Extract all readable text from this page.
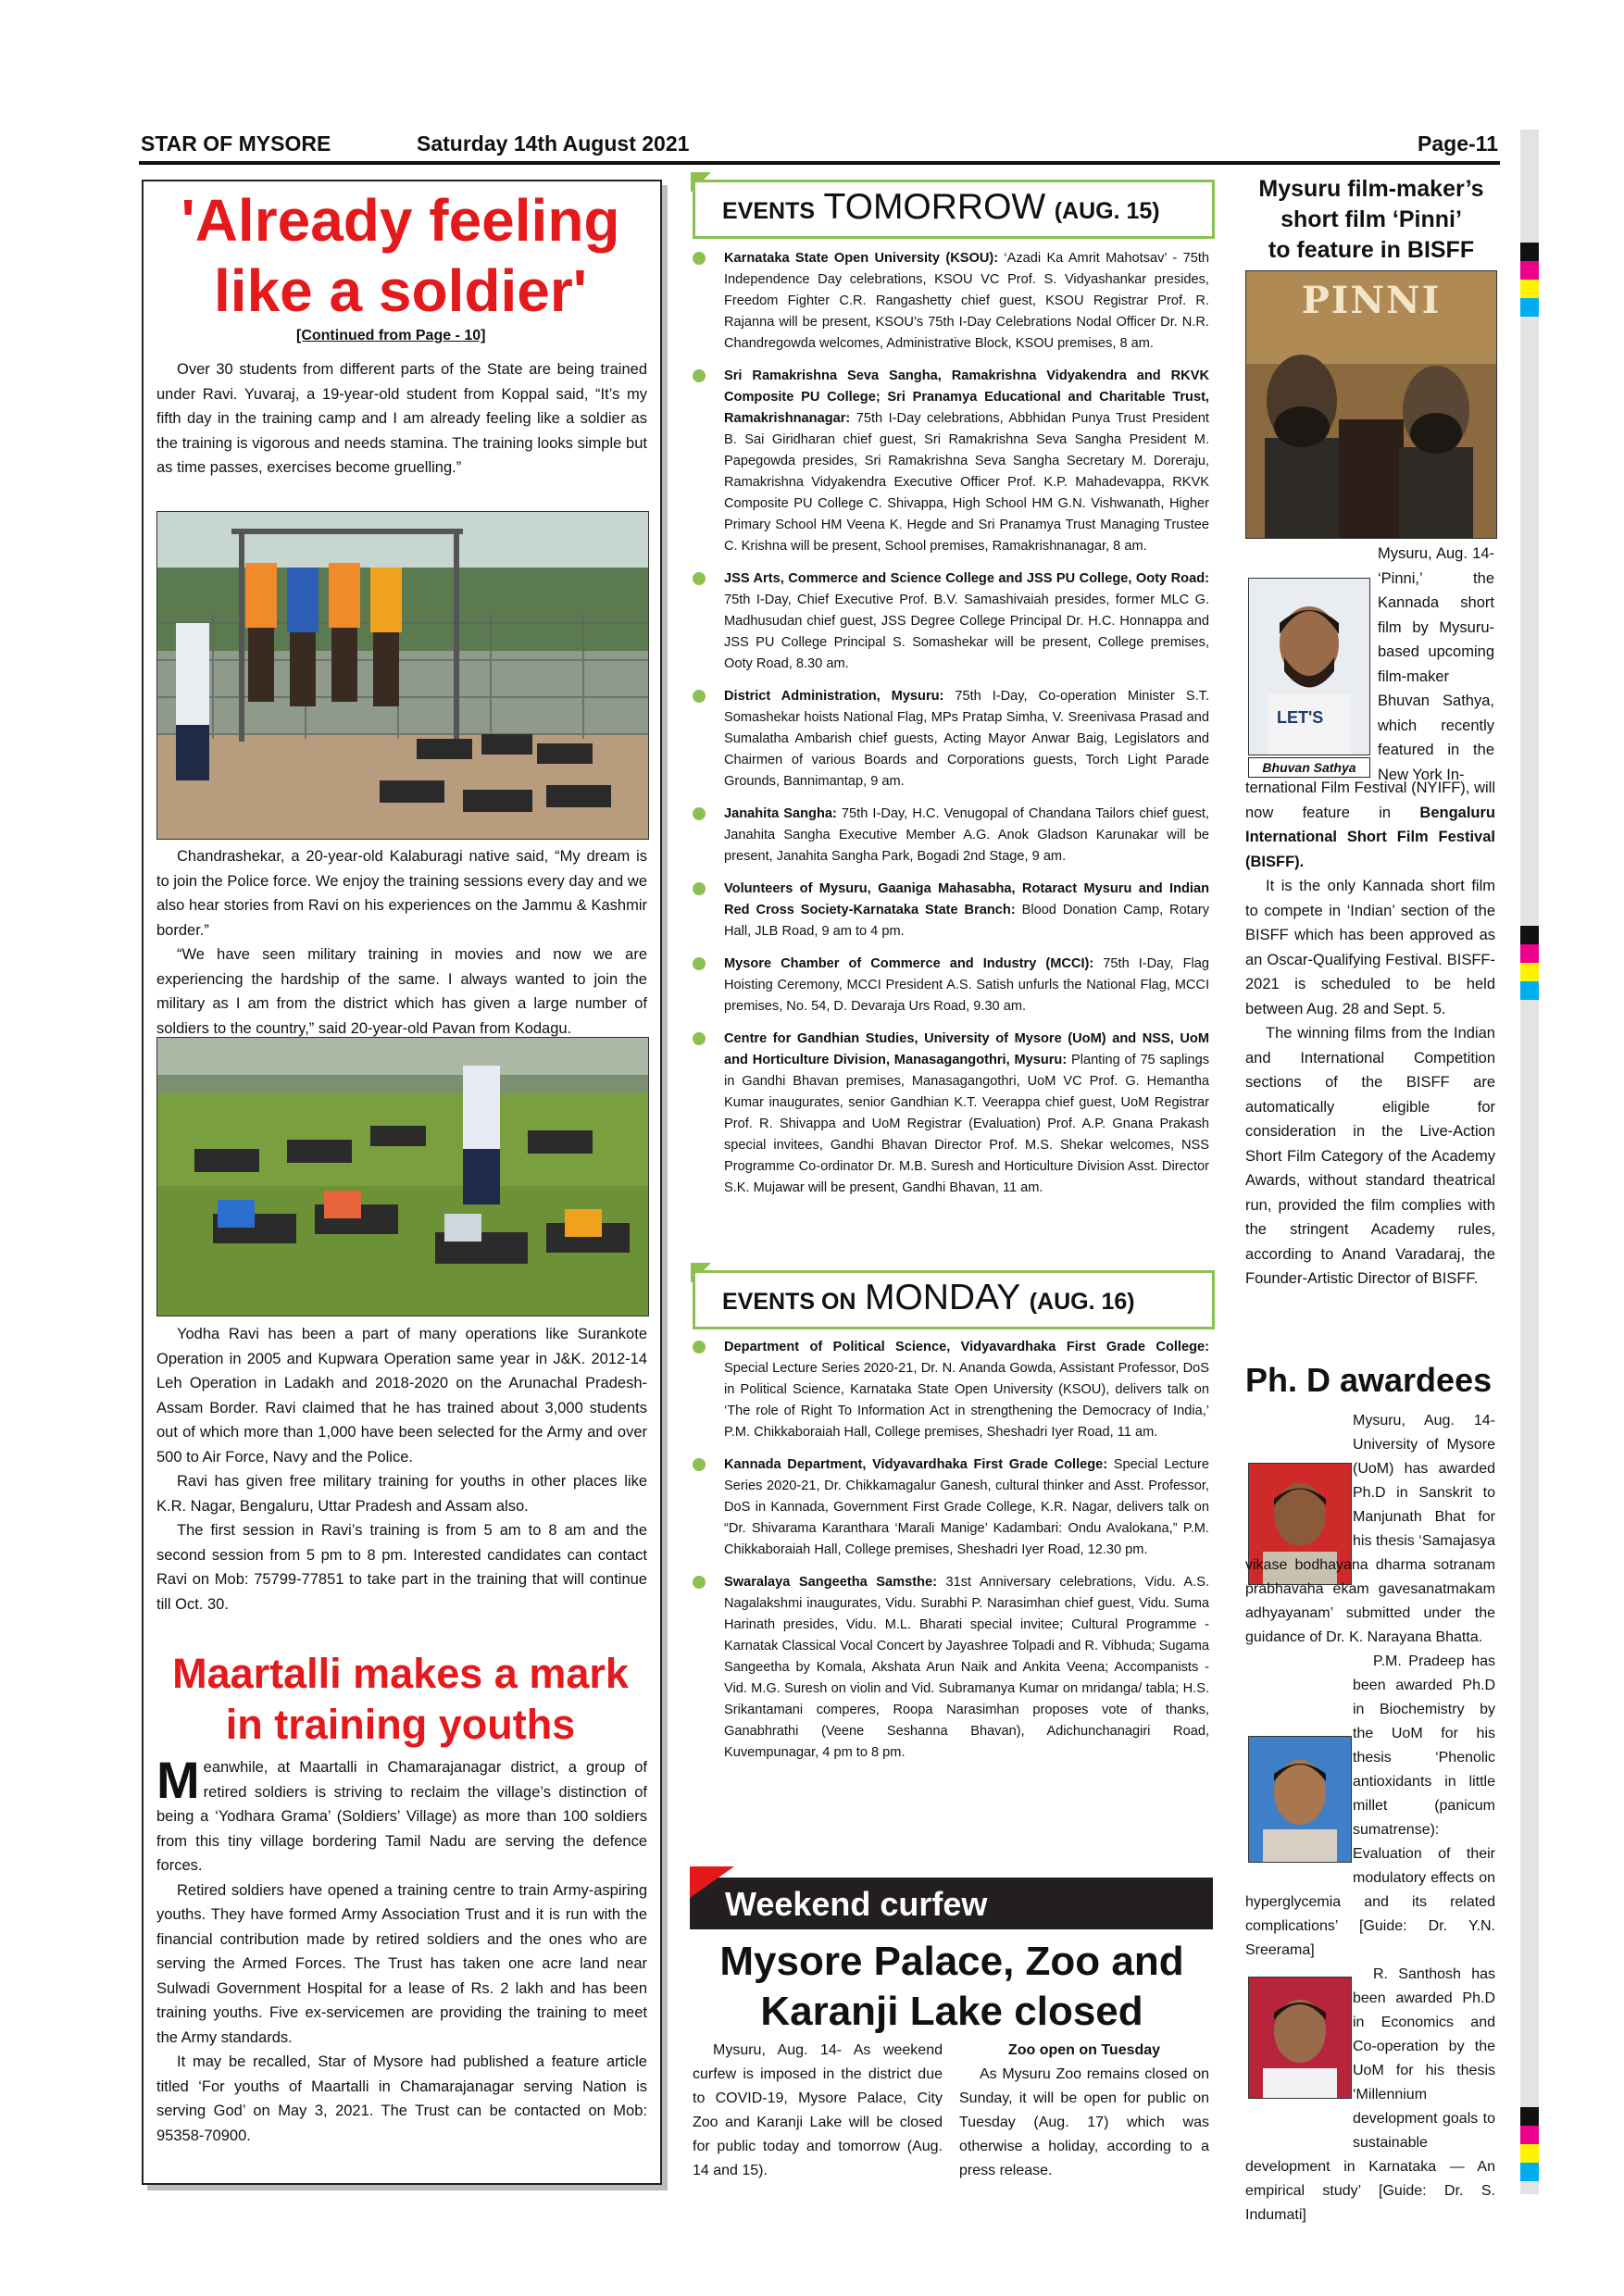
STAR OF MYSORE	Saturday 14th August 2021	Page-11
'Already feeling
like a soldier'
[Continued from Page - 10]

Over 30 students from different parts of the State are being trained under Ravi. Yuvaraj, a 19-year-old student from Koppal said, “It’s my fifth day in the training camp and I am already feeling like a soldier as the training is vigorous and needs stamina. The training looks simple but as time passes, exercises become gruelling.”

Chandrashekar, a 20-year-old Kalaburagi native said, “My dream is to join the Police force. We enjoy the training sessions every day and we also hear stories from Ravi on his experiences on the Jammu & Kashmir border.”

“We have seen military training in movies and now we are experiencing the hardship of the same. I always wanted to join the military as I am from the district which has given a large number of soldiers to the country,” said 20-year-old Pavan from Kodagu.

Yodha Ravi has been a part of many operations like Surankote Operation in 2005 and Kupwara Operation same year in J&K. 2012-14 Leh Operation in Ladakh and 2018-2020 on the Arunachal Pradesh-Assam Border. Ravi claimed that he has trained about 3,000 students out of which more than 1,000 have been selected for the Army and over 500 to Air Force, Navy and the Police.

Ravi has given free military training for youths in other places like K.R. Nagar, Bengaluru, Uttar Pradesh and Assam also.

The first session in Ravi’s training is from 5 am to 8 am and the second session from 5 pm to 8 pm. Interested candidates can contact Ravi on Mob: 75799-77851 to take part in the training that will continue till Oct. 30.

Maartalli makes a mark
in training youths

Meanwhile, at Maartalli in Chamarajanagar district, a group of retired soldiers is striving to reclaim the village’s distinction of being a ‘Yodhara Grama’ (Soldiers’ Village) as more than 100 soldiers from this tiny village bordering Tamil Nadu are serving the defence forces.

Retired soldiers have opened a training centre to train Army-aspiring youths. They have formed Army Association Trust and it is run with the financial contribution made by retired soldiers and the ones who are serving the Armed Forces. The Trust has taken one acre land near Sulwadi Government Hospital for a lease of Rs. 2 lakh and has been training youths. Five ex-servicemen are providing the training to meet the Army standards.

It may be recalled, Star of Mysore had published a feature article titled ‘For youths of Maartalli in Chamarajanagar serving Nation is serving God’ on May 3, 2021. The Trust can be contacted on Mob: 95358-70900.

EVENTS TOMORROW (AUG. 15)
Karnataka State Open University (KSOU): ‘Azadi Ka Amrit Mahotsav’ - 75th Independence Day celebrations, KSOU VC Prof. S. Vidyashankar presides, Freedom Fighter C.R. Rangashetty chief guest, KSOU Registrar Prof. R. Rajanna will be present, KSOU’s 75th I-Day Celebrations Nodal Officer Dr. N.R. Chandregowda welcomes, Administrative Block, KSOU premises, 8 am.
Sri Ramakrishna Seva Sangha, Ramakrishna Vidyakendra and RKVK Composite PU College; Sri Pranamya Educational and Charitable Trust, Ramakrishnanagar: 75th I-Day celebrations, Abbhidan Punya Trust President B. Sai Giridharan chief guest, Sri Ramakrishna Seva Sangha President M. Papegowda presides, Sri Ramakrishna Seva Sangha Secretary M. Doreraju, Ramakrishna Vidyakendra Executive Officer Prof. K.P. Mahadevappa, RKVK Composite PU College C. Shivappa, High School HM G.N. Vishwanath, Higher Primary School HM Veena K. Hegde and Sri Pranamya Trust Managing Trustee C. Krishna will be present, School premises, Ramakrishnanagar, 8 am.
JSS Arts, Commerce and Science College and JSS PU College, Ooty Road: 75th I-Day, Chief Executive Prof. B.V. Samashivaiah presides, former MLC G. Madhusudan chief guest, JSS Degree College Principal Dr. H.C. Honnappa and JSS PU College Principal S. Somashekar will be present, College premises, Ooty Road, 8.30 am.
District Administration, Mysuru: 75th I-Day, Co-operation Minister S.T. Somashekar hoists National Flag, MPs Pratap Simha, V. Sreenivasa Prasad and Sumalatha Ambarish chief guests, Acting Mayor Anwar Baig, Legislators and Chairmen of various Boards and Corporations guests, Torch Light Parade Grounds, Bannimantap, 9 am.
Janahita Sangha: 75th I-Day, H.C. Venugopal of Chandana Tailors chief guest, Janahita Sangha Executive Member A.G. Anok Gladson Karunakar will be present, Janahita Sangha Park, Bogadi 2nd Stage, 9 am.
Volunteers of Mysuru, Gaaniga Mahasabha, Rotaract Mysuru and Indian Red Cross Society-Karnataka State Branch: Blood Donation Camp, Rotary Hall, JLB Road, 9 am to 4 pm.
Mysore Chamber of Commerce and Industry (MCCI): 75th I-Day, Flag Hoisting Ceremony, MCCI President A.S. Satish unfurls the National Flag, MCCI premises, No. 54, D. Devaraja Urs Road, 9.30 am.
Centre for Gandhian Studies, University of Mysore (UoM) and NSS, UoM and Horticulture Division, Manasagangothri, Mysuru: Planting of 75 saplings in Gandhi Bhavan premises, Manasagangothri, UoM VC Prof. G. Hemantha Kumar inaugurates, senior Gandhian K.T. Veerappa chief guest, UoM Registrar Prof. R. Shivappa and UoM Registrar (Evaluation) Prof. A.P. Gnana Prakash special invitees, Gandhi Bhavan Director Prof. M.S. Shekar welcomes, NSS Programme Co-ordinator Dr. M.B. Suresh and Horticulture Division Asst. Director S.K. Mujawar will be present, Gandhi Bhavan, 11 am.
EVENTS ON MONDAY (AUG. 16)
Department of Political Science, Vidyavardhaka First Grade College: Special Lecture Series 2020-21, Dr. N. Ananda Gowda, Assistant Professor, DoS in Political Science, Karnataka State Open University (KSOU), delivers talk on ‘The role of Right To Information Act in strengthening the Democracy of India,’ P.M. Chikkaboraiah Hall, College premises, Sheshadri Iyer Road, 11 am.
Kannada Department, Vidyavardhaka First Grade College: Special Lecture Series 2020-21, Dr. Chikkamagalur Ganesh, cultural thinker and Asst. Professor, DoS in Kannada, Government First Grade College, K.R. Nagar, delivers talk on “Dr. Shivarama Karanthara ‘Marali Manige’ Kadambari: Ondu Avalokana,” P.M. Chikkaboraiah Hall, College premises, Sheshadri Iyer Road, 12.30 pm.
Swaralaya Sangeetha Samsthe: 31st Anniversary celebrations, Vidu. A.S. Nagalakshmi inaugurates, Vidu. Surabhi P. Narasimhan chief guest, Vidu. Suma Harinath presides, Vidu. M.L. Bharati special invitee; Cultural Programme - Karnatak Classical Vocal Concert by Jayashree Tolpadi and R. Vibhuda; Sugama Sangeetha by Komala, Akshata Arun Naik and Ankita Veena; Accompanists - Vid. M.G. Suresh on violin and Vid. Subramanya Kumar on mridanga/ tabla; H.S. Srikantamani comperes, Roopa Narasimhan proposes vote of thanks, Ganabhrathi (Veene Seshanna Bhavan), Adichunchanagiri Road, Kuvempunagar, 4 pm to 8 pm.
Weekend curfew
Mysore Palace, Zoo and
Karanji Lake closed

Mysuru, Aug. 14- As weekend curfew is imposed in the district due to COVID-19, Mysore Palace, City Zoo and Karanji Lake will be closed for public today and tomorrow (Aug. 14 and 15).

Zoo open on Tuesday

As Mysuru Zoo remains closed on Sunday, it will be open for public on Tuesday (Aug. 17) which was otherwise a holiday, according to a press release.

Mysuru film-maker’s
short film ‘Pinni’
to feature in BISFF
PINNI
LET'S
Bhuvan Sathya

Mysuru, Aug. 14- ‘Pinni,’ the Kannada short film by Mysuru-based upcoming film-maker Bhuvan Sathya, which recently featured in the New York In-

ternational Film Festival (NYIFF), will now feature in Bengaluru International Short Film Festival (BISFF).

It is the only Kannada short film to compete in ‘Indian’ section of the BISFF which has been approved as an Oscar-Qualifying Festival. BISFF-2021 is scheduled to be held between Aug. 28 and Sept. 5.

The winning films from the Indian and International Competition sections of the BISFF are automatically eligible for consideration in the Live-Action Short Film Category of the Academy Awards, without standard theatrical run, provided the film complies with the stringent Academy rules, according to Anand Varadaraj, the Founder-Artistic Director of BISFF.

Ph. D awardees

Mysuru, Aug. 14- University of Mysore (UoM) has awarded Ph.D in Sanskrit to Manjunath Bhat for his thesis ‘Samajasya vikase bodhayana dharma sotranam prabhavaha ekam gavesanatmakam adhyayanam’ submitted under the guidance of Dr. K. Narayana Bhatta.

P.M. Pradeep has been awarded Ph.D in Biochemistry by the UoM for his thesis ‘Phenolic antioxidants in little millet (panicum sumatrense): Evaluation of their modulatory effects on hyperglycemia and its related complications’ [Guide: Dr. Y.N. Sreerama]

R. Santhosh has been awarded Ph.D in Economics and Co-operation by the UoM for his thesis ‘Millennium development goals to sustainable development in Karnataka — An empirical study’ [Guide: Dr. S. Indumati]
